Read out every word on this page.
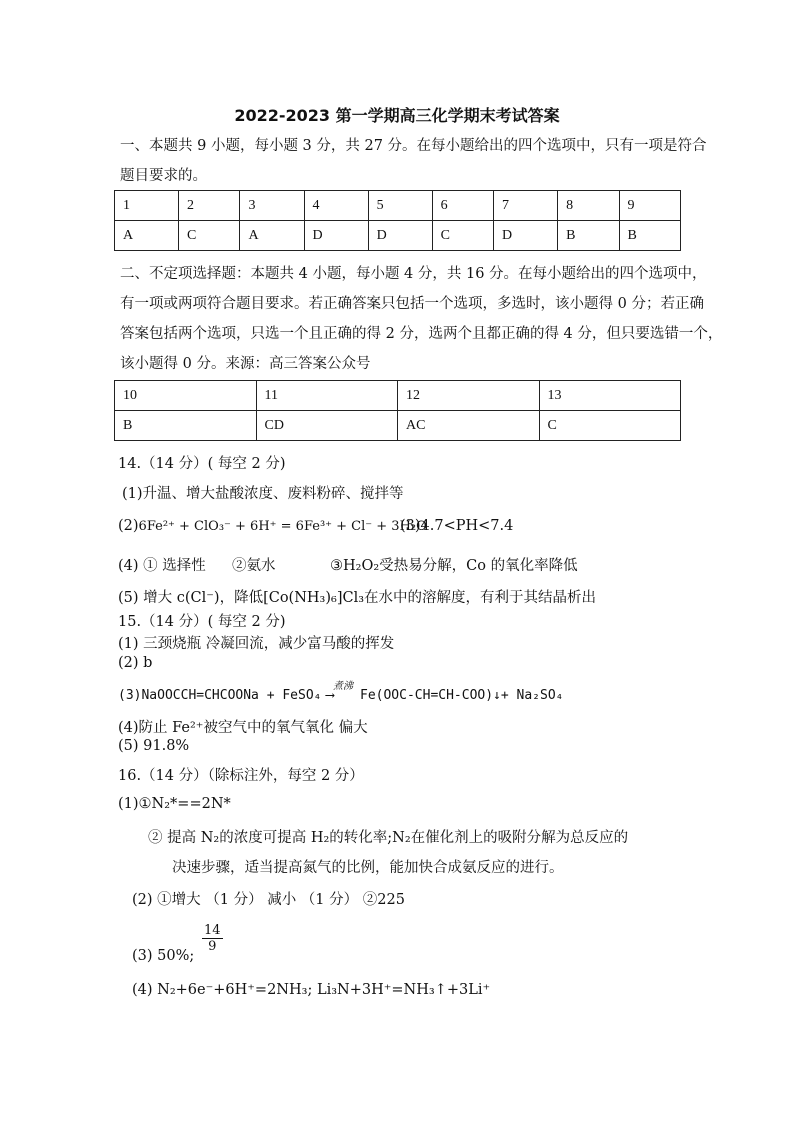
2022-2023 第一学期高三化学期末考试答案
一、本题共 9 小题，每小题 3 分，共 27 分。在每小题给出的四个选项中，只有一项是符合
题目要求的。
1	2	3	4	5	6	7	8	9
A	C	A	D	D	C	D	B	B
二、不定项选择题：本题共 4 小题，每小题 4 分，共 16 分。在每小题给出的四个选项中，
有一项或两项符合题目要求。若正确答案只包括一个选项，多选时，该小题得 0 分；若正确
答案包括两个选项，只选一个且正确的得 2 分，选两个且都正确的得 4 分，但只要选错一个，
该小题得 0 分。来源：高三答案公众号
10	11	12	13
B	CD	AC	C
14.（14 分）( 每空 2 分)
(1)升温、增大盐酸浓度、废料粉碎、搅拌等
(2)6Fe²⁺ + ClO₃⁻ + 6H⁺ = 6Fe³⁺ + Cl⁻ + 3H₂O
(3)4.7<PH<7.4
(4) ① 选择性 ②氨水	③H₂O₂受热易分解，Co 的氧化率降低
(5) 增大 c(Cl⁻)，降低[Co(NH₃)₆]Cl₃在水中的溶解度，有利于其结晶析出
15.（14 分）( 每空 2 分)
(1) 三颈烧瓶 冷凝回流，减少富马酸的挥发
(2) b
(3)NaOOCCH=CHCOONa + FeSO₄
煮沸
⟶ Fe(OOC-CH=CH-COO)↓+ Na₂SO₄
(4)防止 Fe²⁺被空气中的氧气氧化 偏大
(5) 91.8%
16.（14 分）（除标注外，每空 2 分）
(1)①N₂*==2N*
② 提高 N₂的浓度可提高 H₂的转化率;N₂在催化剂上的吸附分解为总反应的
决速步骤，适当提高氮气的比例，能加快合成氨反应的进行。
(2) ①增大 （1 分） 减小 （1 分） ②225
(3) 50%;
$\frac{14}{9}$
(4) N₂+6e⁻+6H⁺=2NH₃; Li₃N+3H⁺=NH₃↑+3Li⁺
